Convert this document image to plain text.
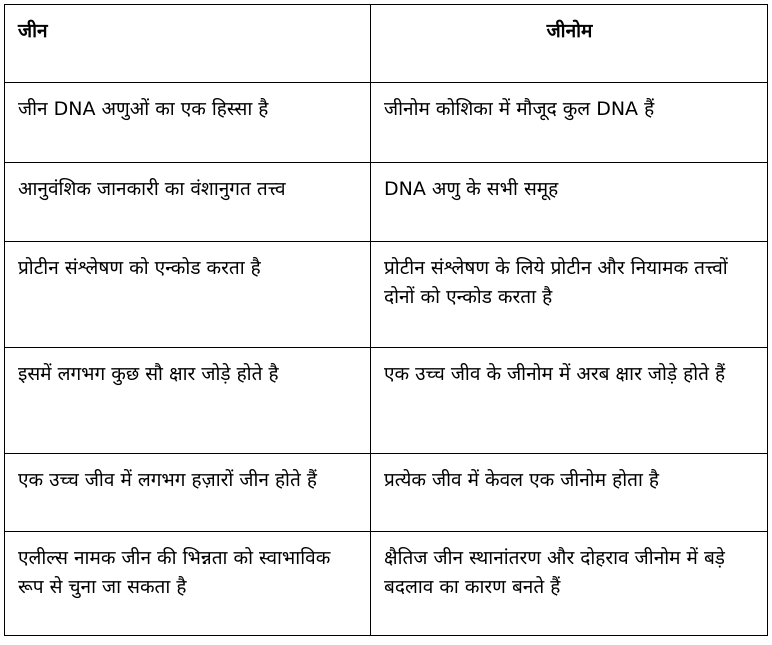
जीन	जीनोम
जीन DNA अणुओं का एक हिस्सा है	जीनोम कोशिका में मौजूद कुल DNA हैं
आनुवंशिक जानकारी का वंशानुगत तत्त्व	DNA अणु के सभी समूह
प्रोटीन संश्लेषण को एन्कोड करता है	प्रोटीन संश्लेषण के लिये प्रोटीन और नियामक तत्त्वों दोनों को एन्कोड करता है
इसमें लगभग कुछ सौ क्षार जोड़े होते है	एक उच्च जीव के जीनोम में अरब क्षार जोड़े होते हैं
एक उच्च जीव में लगभग हज़ारों जीन होते हैं	प्रत्येक जीव में केवल एक जीनोम होता है
एलील्स नामक जीन की भिन्नता को स्वाभाविक रूप से चुना जा सकता है	क्षैतिज जीन स्थानांतरण और दोहराव जीनोम में बड़े बदलाव का कारण बनते हैं
